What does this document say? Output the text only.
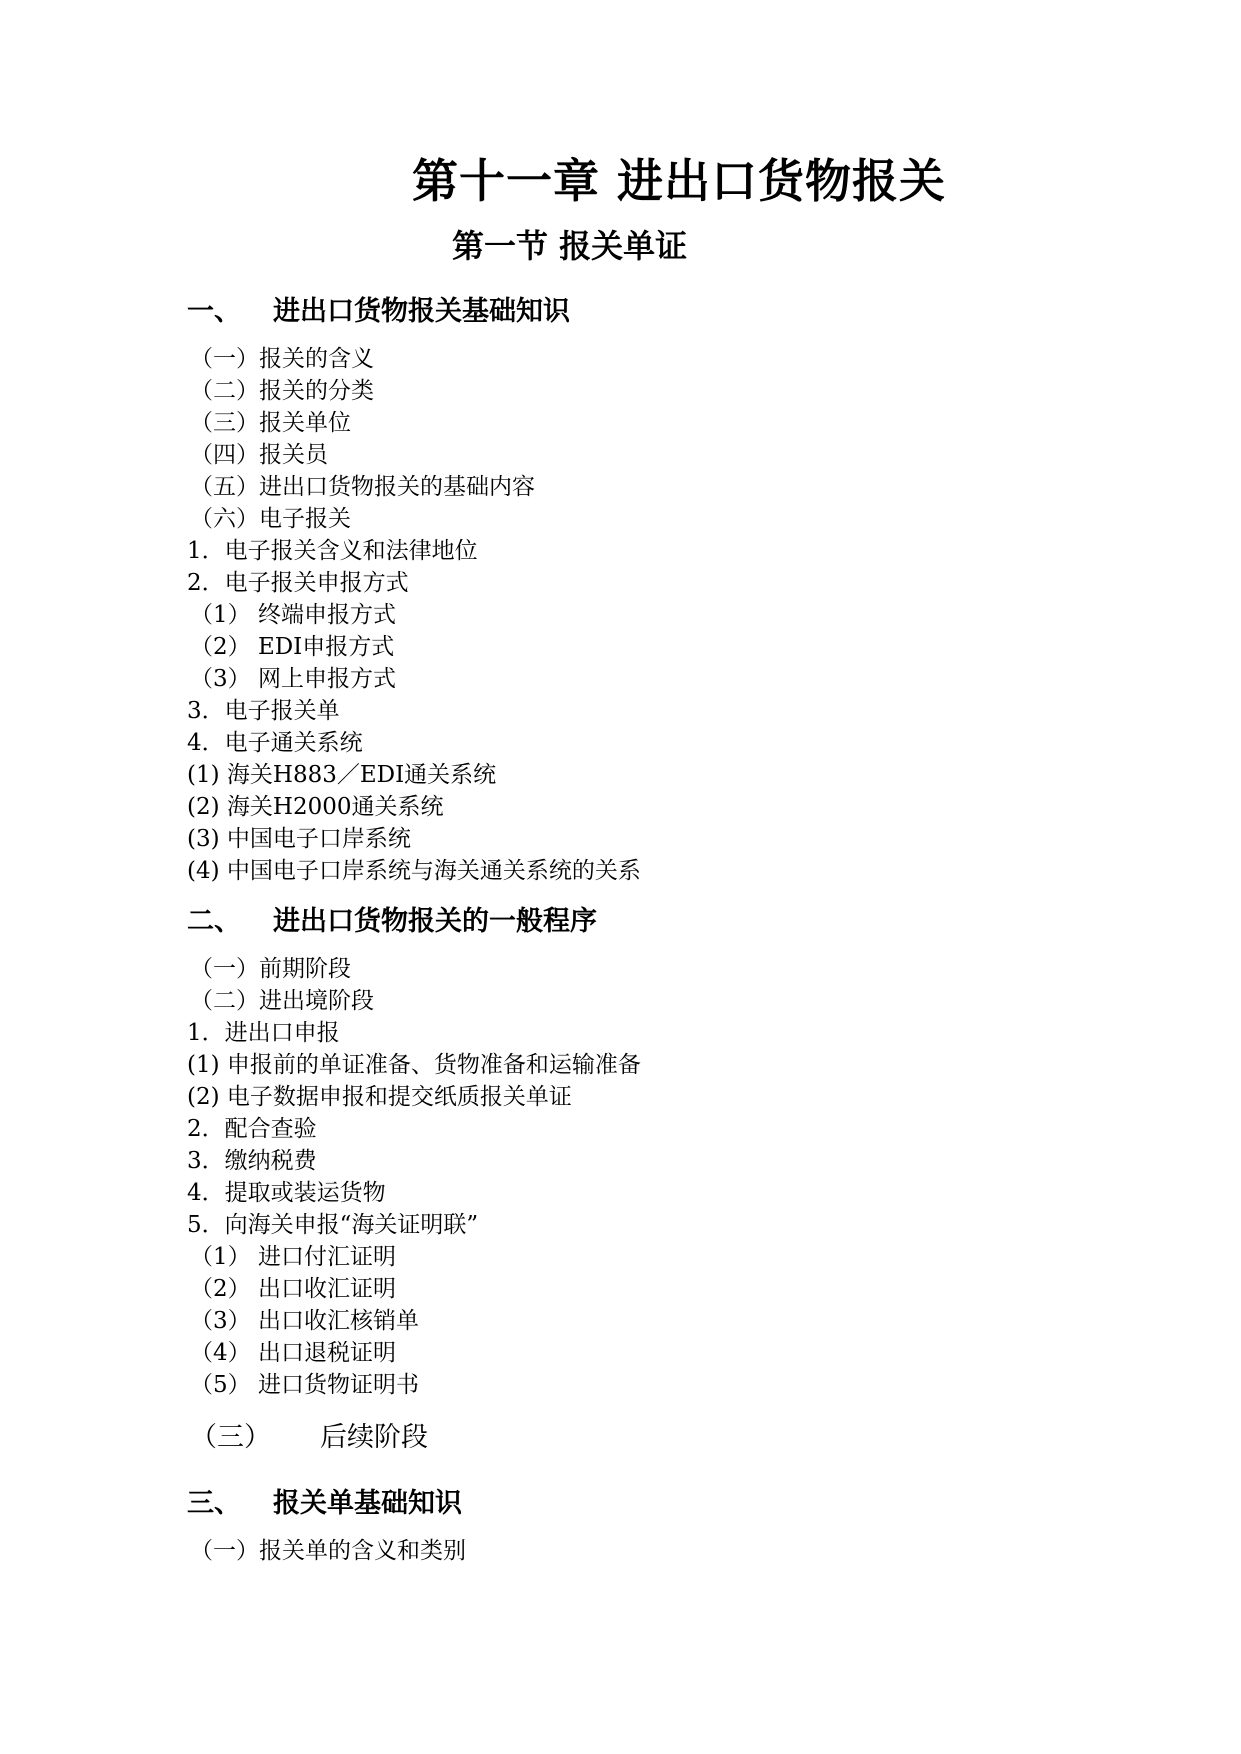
第十一章 进出口货物报关
第一节 报关单证
一、 进出口货物报关基础知识
（一）报关的含义
（二）报关的分类
（三）报关单位
（四）报关员
（五）进出口货物报关的基础内容
（六）电子报关
1．电子报关含义和法律地位
2．电子报关申报方式
（1） 终端申报方式
（2） EDI申报方式
（3） 网上申报方式
3．电子报关单
4．电子通关系统
(1) 海关H883／EDI通关系统
(2) 海关H2000通关系统
(3) 中国电子口岸系统
(4) 中国电子口岸系统与海关通关系统的关系
二、 进出口货物报关的一般程序
（一）前期阶段
（二）进出境阶段
1．进出口申报
(1) 申报前的单证准备、货物准备和运输准备
(2) 电子数据申报和提交纸质报关单证
2．配合查验
3．缴纳税费
4．提取或装运货物
5．向海关申报“海关证明联”
（1） 进口付汇证明
（2） 出口收汇证明
（3） 出口收汇核销单
（4） 出口退税证明
（5） 进口货物证明书
（三） 后续阶段
三、 报关单基础知识
（一）报关单的含义和类别
